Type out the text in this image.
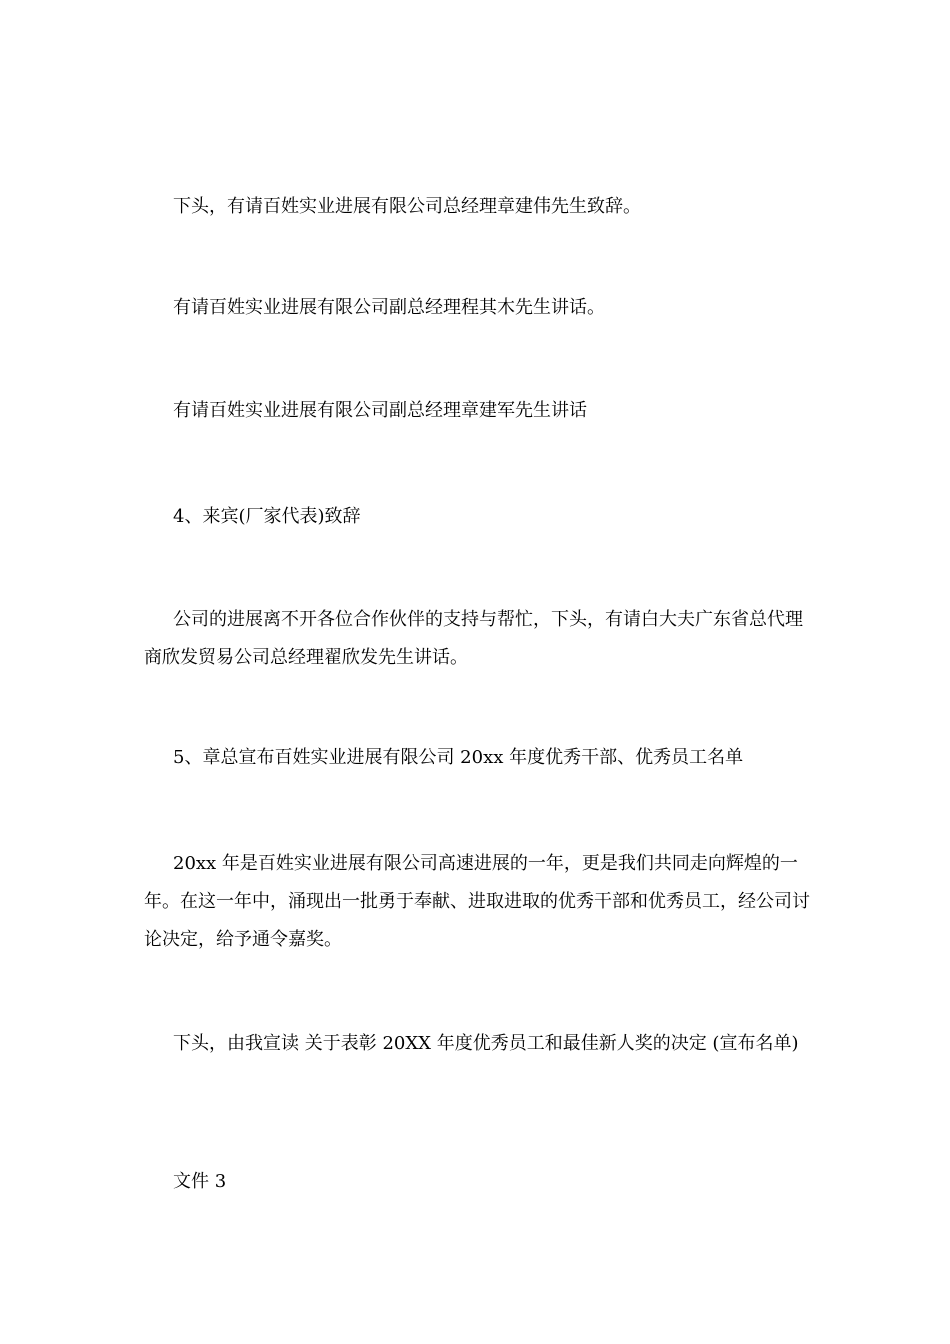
下头，有请百姓实业进展有限公司总经理章建伟先生致辞。

有请百姓实业进展有限公司副总经理程其木先生讲话。

有请百姓实业进展有限公司副总经理章建军先生讲话

4、来宾(厂家代表)致辞

公司的进展离不开各位合作伙伴的支持与帮忙，下头，有请白大夫广东省总代理商欣发贸易公司总经理翟欣发先生讲话。

5、章总宣布百姓实业进展有限公司 20xx 年度优秀干部、优秀员工名单

20xx 年是百姓实业进展有限公司高速进展的一年，更是我们共同走向辉煌的一年。在这一年中，涌现出一批勇于奉献、进取进取的优秀干部和优秀员工，经公司讨论决定，给予通令嘉奖。

下头，由我宣读 关于表彰 20XX 年度优秀员工和最佳新人奖的决定 (宣布名单)

文件 3
